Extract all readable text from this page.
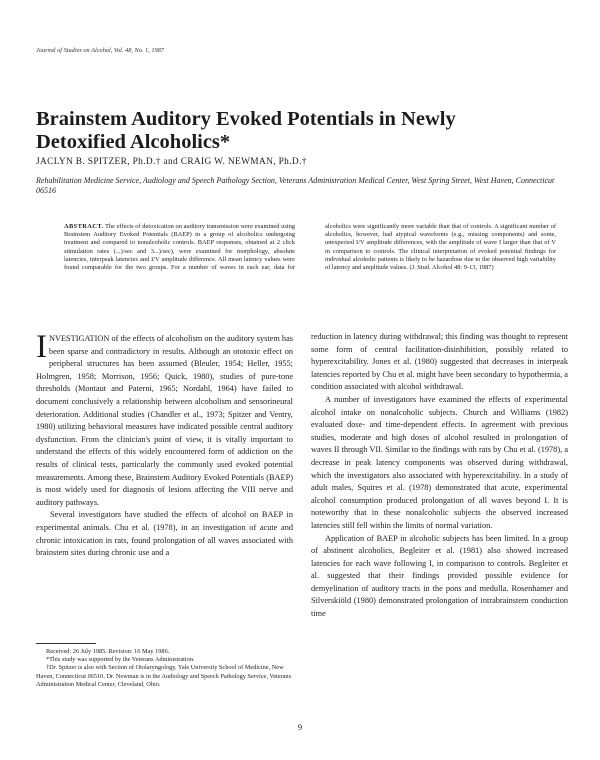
Journal of Studies on Alcohol, Vol. 48, No. 1, 1987
Brainstem Auditory Evoked Potentials in Newly Detoxified Alcoholics*
JACLYN B. SPITZER, Ph.D.† and CRAIG W. NEWMAN, Ph.D.†
Rehabilitation Medicine Service, Audiology and Speech Pathology Section, Veterans Administration Medical Center, West Spring Street, West Haven, Connecticut 06516
ABSTRACT. The effects of detoxication on auditory transmission were examined using Brainstem Auditory Evoked Potentials (BAEP) in a group of alcoholics undergoing treatment and compared to nonalcoholic controls. BAEP responses, obtained at 2 click stimulation rates (...)/sec and 3...)/sec), were examined for morphology, absolute latencies, interpeak latencies and I/V amplitude difference. All mean latency values were found comparable for the two groups. For a number of waves in each ear, data for alcoholics were significantly more variable than that of controls. A significant number of alcoholics, however, had atypical waveforms (e.g., missing components) and some, unexpected I/V amplitude differences, with the amplitude of wave I larger than that of V in comparison to controls. The clinical interpretation of evoked potential findings for individual alcoholic patients is likely to be hazardous due to the observed high variability of latency and amplitude values. (J. Stud. Alcohol 48: 9-13, 1987)

INVESTIGATION of the effects of alcoholism on the auditory system has been sparse and contradictory in results. Although an ototoxic effect on peripheral structures has been assumed (Bleuler, 1954; Heller, 1955; Holmgren, 1958; Morrison, 1956; Quick, 1980), studies of pure-tone thresholds (Montaut and Paterni, 1965; Nordahl, 1964) have failed to document conclusively a relationship between alcoholism and sensorineural deterioration. Additional studies (Chandler et al., 1973; Spitzer and Ventry, 1980) utilizing behavioral measures have indicated possible central auditory dysfunction. From the clinician's point of view, it is vitally important to understand the effects of this widely encountered form of addiction on the results of clinical tests, particularly the commonly used evoked potential measurements. Among these, Brainstem Auditory Evoked Potentials (BAEP) is most widely used for diagnosis of lesions affecting the VIII nerve and auditory pathways.

Several investigators have studied the effects of alcohol on BAEP in experimental animals. Chu et al. (1978), in an investigation of acute and chronic intoxication in rats, found prolongation of all waves associated with brainstem sites during chronic use and a

reduction in latency during withdrawal; this finding was thought to represent some form of central facilitation-disinhibition, possibly related to hyperexcitability. Jones et al. (1980) suggested that decreases in interpeak latencies reported by Chu et al. might have been secondary to hypothermia, a condition associated with alcohol withdrawal.

A number of investigators have examined the effects of experimental alcohol intake on nonalcoholic subjects. Church and Williams (1982) evaluated dose- and time-dependent effects. In agreement with previous studies, moderate and high doses of alcohol resulted in prolongation of waves II through VII. Similar to the findings with rats by Chu et al. (1978), a decrease in peak latency components was observed during withdrawal, which the investigators also associated with hyperexcitability. In a study of adult males, Squires et al. (1978) demonstrated that acute, experimental alcohol consumption produced prolongation of all waves beyond I. It is noteworthy that in these nonalcoholic subjects the observed increased latencies still fell within the limits of normal variation.

Application of BAEP in alcoholic subjects has been limited. In a group of abstinent alcoholics, Begleiter et al. (1981) also showed increased latencies for each wave following I, in comparison to controls. Begleiter et al. suggested that their findings provided possible evidence for demyelination of auditory tracts in the pons and medulla. Rosenhamer and Silverskiöld (1980) demonstrated prolongation of intrabrainstem conduction time

Received: 26 July 1985. Revision: 16 May 1986.

*This study was supported by the Veterans Administration.

†Dr. Spitzer is also with Section of Otolaryngology, Yale University School of Medicine, New Haven, Connecticut 06510. Dr. Newman is in the Audiology and Speech Pathology Service, Veterans Administration Medical Center, Cleveland, Ohio.

9
